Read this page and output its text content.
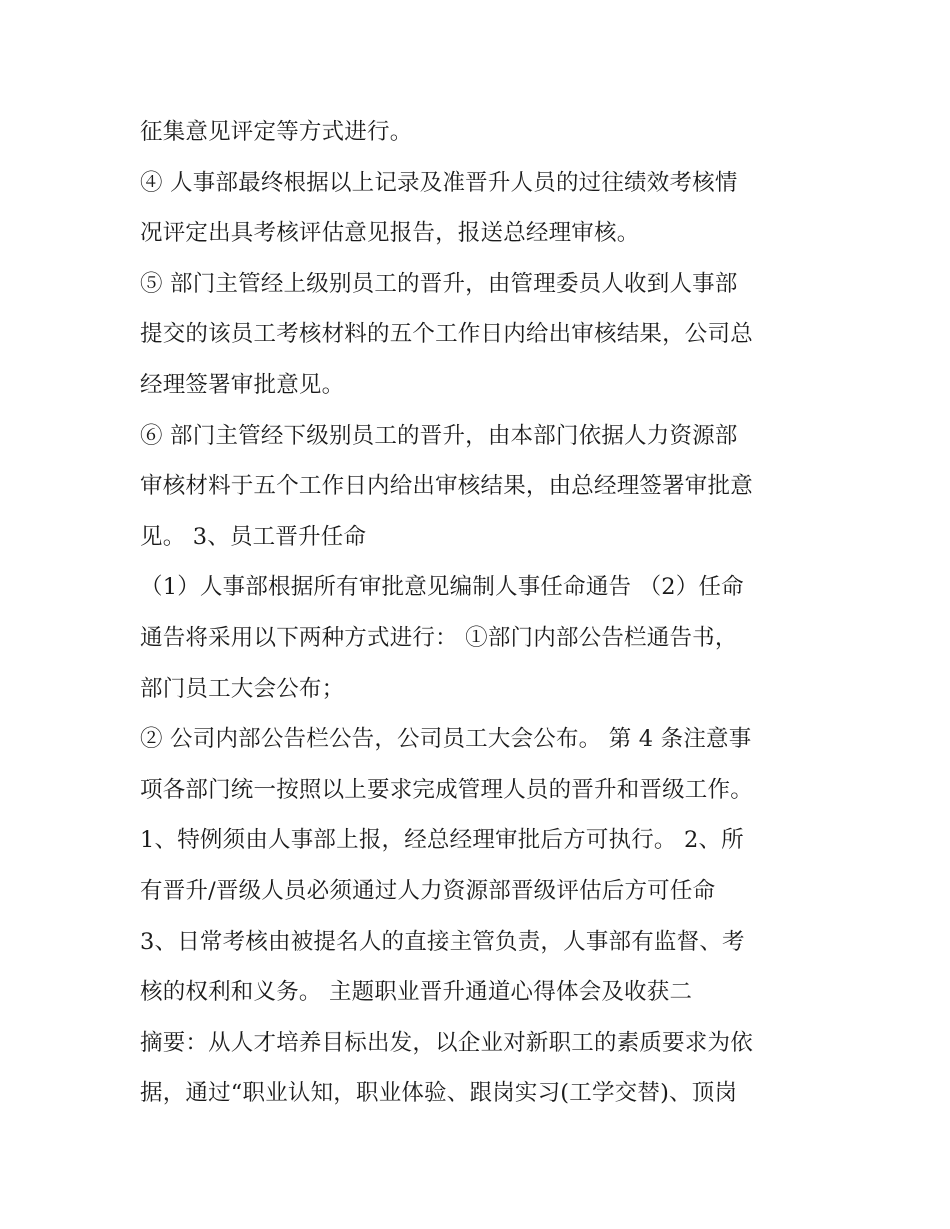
征集意见评定等方式进行。
④ 人事部最终根据以上记录及准晋升人员的过往绩效考核情
况评定出具考核评估意见报告，报送总经理审核。
⑤ 部门主管经上级别员工的晋升，由管理委员人收到人事部
提交的该员工考核材料的五个工作日内给出审核结果，公司总
经理签署审批意见。
⑥ 部门主管经下级别员工的晋升，由本部门依据人力资源部
审核材料于五个工作日内给出审核结果，由总经理签署审批意
见。 3、员工晋升任命
（1）人事部根据所有审批意见编制人事任命通告 （2）任命
通告将采用以下两种方式进行： ①部门内部公告栏通告书，
部门员工大会公布；
② 公司内部公告栏公告，公司员工大会公布。 第 4 条注意事
项各部门统一按照以上要求完成管理人员的晋升和晋级工作。
1、特例须由人事部上报，经总经理审批后方可执行。 2、所
有晋升/晋级人员必须通过人力资源部晋级评估后方可任命
3、日常考核由被提名人的直接主管负责，人事部有监督、考
核的权利和义务。 主题职业晋升通道心得体会及收获二
摘要：从人才培养目标出发，以企业对新职工的素质要求为依
据，通过“职业认知，职业体验、跟岗实习(工学交替)、顶岗
